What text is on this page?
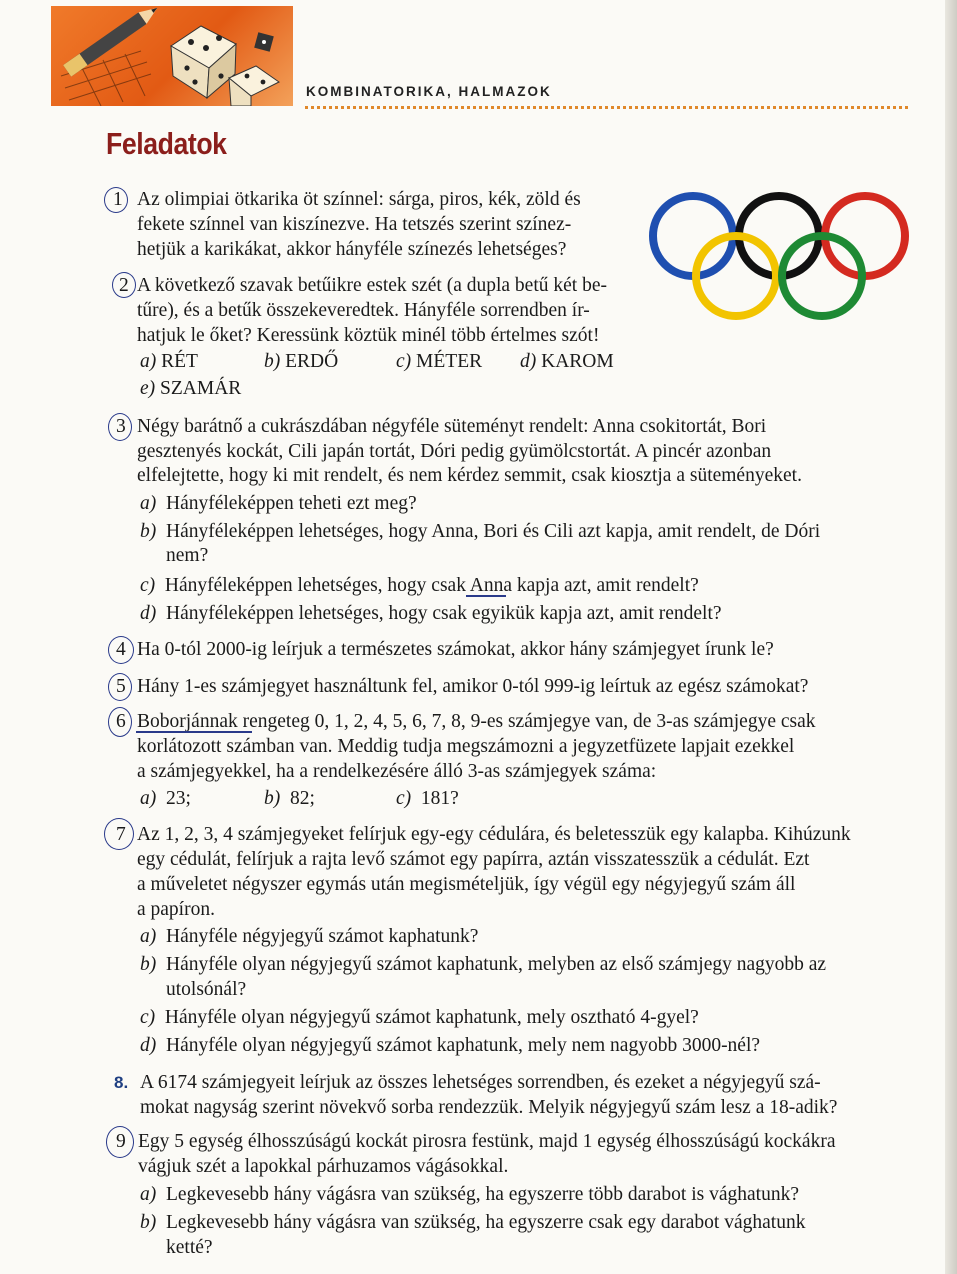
KOMBINATORIKA, HALMAZOK
Feladatok
1 Az olimpiai ötkarika öt színnel: sárga, piros, kék, zöld és
fekete színnel van kiszínezve. Ha tetszés szerint színez-
hetjük a karikákat, akkor hányféle színezés lehetséges?
2 A következő szavak betűikre estek szét (a dupla betű két be-
tűre), és a betűk összekeveredtek. Hányféle sorrendben ír-
hatjuk le őket? Keressünk köztük minél több értelmes szót!
a) RÉT	b) ERDŐ	c) MÉTER d) KAROM
e) SZAMÁR
3 Négy barátnő a cukrászdában négyféle süteményt rendelt: Anna csokitortát, Bori
gesztenyés kockát, Cili japán tortát, Dóri pedig gyümölcstortát. A pincér azonban
elfelejtette, hogy ki mit rendelt, és nem kérdez semmit, csak kiosztja a süteményeket.
a) Hányféleképpen teheti ezt meg?
b) Hányféleképpen lehetséges, hogy Anna, Bori és Cili azt kapja, amit rendelt, de Dóri
nem?
c) Hányféleképpen lehetséges, hogy csak Anna kapja azt, amit rendelt?
d) Hányféleképpen lehetséges, hogy csak egyikük kapja azt, amit rendelt?
4 Ha 0-tól 2000-ig leírjuk a természetes számokat, akkor hány számjegyet írunk le?
5 Hány 1-es számjegyet használtunk fel, amikor 0-tól 999-ig leírtuk az egész számokat?
6 Boborjánnak rengeteg 0, 1, 2, 4, 5, 6, 7, 8, 9-es számjegye van, de 3-as számjegye csak
korlátozott számban van. Meddig tudja megszámozni a jegyzetfüzete lapjait ezekkel
a számjegyekkel, ha a rendelkezésére álló 3-as számjegyek száma:
a) 23;	b) 82;	c) 181?
7 Az 1, 2, 3, 4 számjegyeket felírjuk egy-egy cédulára, és beletesszük egy kalapba. Kihúzunk
egy cédulát, felírjuk a rajta levő számot egy papírra, aztán visszatesszük a cédulát. Ezt
a műveletet négyszer egymás után megismételjük, így végül egy négyjegyű szám áll
a papíron.
a) Hányféle négyjegyű számot kaphatunk?
b) Hányféle olyan négyjegyű számot kaphatunk, melyben az első számjegy nagyobb az
utolsónál?
c) Hányféle olyan négyjegyű számot kaphatunk, mely osztható 4-gyel?
d) Hányféle olyan négyjegyű számot kaphatunk, mely nem nagyobb 3000-nél?
8. A 6174 számjegyeit leírjuk az összes lehetséges sorrendben, és ezeket a négyjegyű szá-
mokat nagyság szerint növekvő sorba rendezzük. Melyik négyjegyű szám lesz a 18-adik?
9 Egy 5 egység élhosszúságú kockát pirosra festünk, majd 1 egység élhosszúságú kockákra
vágjuk szét a lapokkal párhuzamos vágásokkal.
a) Legkevesebb hány vágásra van szükség, ha egyszerre több darabot is vághatunk?
b) Legkevesebb hány vágásra van szükség, ha egyszerre csak egy darabot vághatunk
ketté?
